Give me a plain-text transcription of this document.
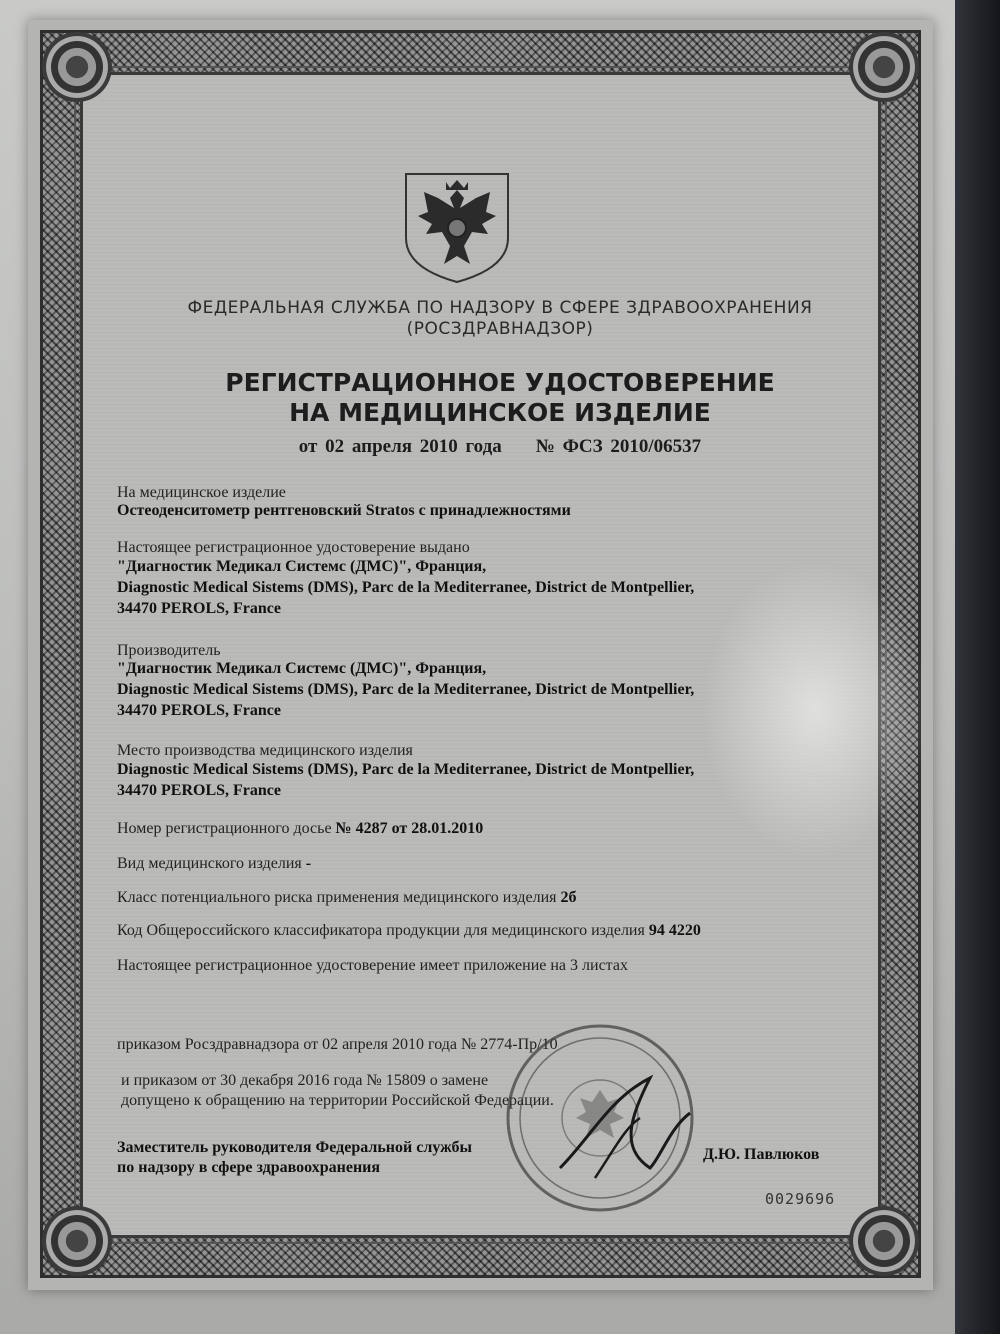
ФЕДЕРАЛЬНАЯ СЛУЖБА ПО НАДЗОРУ В СФЕРЕ ЗДРАВООХРАНЕНИЯ
(РОСЗДРАВНАДЗОР)
РЕГИСТРАЦИОННОЕ УДОСТОВЕРЕНИЕ
НА МЕДИЦИНСКОЕ ИЗДЕЛИЕ
от 02 апреля 2010 года № ФСЗ 2010/06537
На медицинское изделие
Остеоденситометр рентгеновский Stratos с принадлежностями
Настоящее регистрационное удостоверение выдано
"Диагностик Медикал Системс (ДМС)", Франция,
Diagnostic Medical Sistems (DMS), Parc de la Mediterranee, District de Montpellier,
34470 PEROLS, France
Производитель
"Диагностик Медикал Системс (ДМС)", Франция,
Diagnostic Medical Sistems (DMS), Parc de la Mediterranee, District de Montpellier,
34470 PEROLS, France
Место производства медицинского изделия
Diagnostic Medical Sistems (DMS), Parc de la Mediterranee, District de Montpellier,
34470 PEROLS, France
Номер регистрационного досье № 4287 от 28.01.2010
Вид медицинского изделия -
Класс потенциального риска применения медицинского изделия 2б
Код Общероссийского классификатора продукции для медицинского изделия 94 4220
Настоящее регистрационное удостоверение имеет приложение на 3 листах
приказом Росздравнадзора от 02 апреля 2010 года № 2774-Пр/10
и приказом от 30 декабря 2016 года № 15809 о замене
допущено к обращению на территории Российской Федерации.
Заместитель руководителя Федеральной службы
по надзору в сфере здравоохранения
Д.Ю. Павлюков
0029696
